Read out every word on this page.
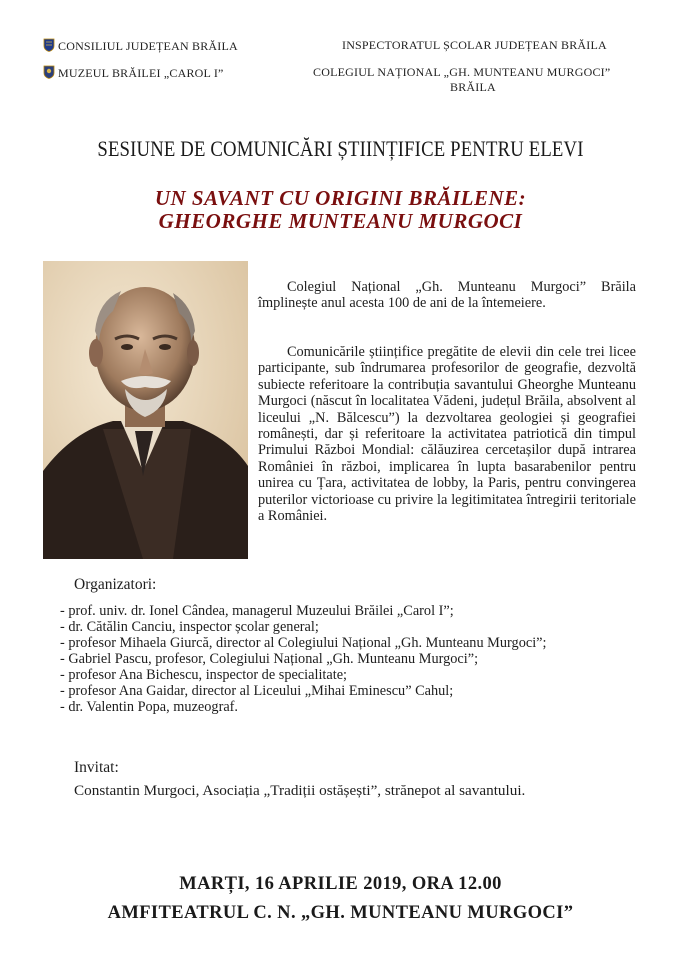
CONSILIUL JUDEȚEAN BRĂILA
MUZEUL BRĂILEI „CAROL I”
INSPECTORATUL ȘCOLAR JUDEȚEAN BRĂILA
COLEGIUL NAȚIONAL „GH. MUNTEANU MURGOCI”
BRĂILA
SESIUNE DE COMUNICĂRI ȘTIINȚIFICE PENTRU ELEVI
UN SAVANT CU ORIGINI BRĂILENE:
GHEORGHE MUNTEANU MURGOCI
Colegiul Național „Gh. Munteanu Murgoci” Brăila împlinește anul acesta 100 de ani de la întemeiere.
Comunicările științifice pregătite de elevii din cele trei licee participante, sub îndrumarea profesorilor de geografie, dezvoltă subiecte referitoare la contribuția savantului Gheorghe Munteanu Murgoci (născut în localitatea Vădeni, județul Brăila, absolvent al liceului „N. Bălcescu”) la dezvoltarea geologiei și geografiei românești, dar și referitoare la activitatea patriotică din timpul Primului Război Mondial: călăuzirea cercetașilor după intrarea României în război, implicarea în lupta basarabenilor pentru unirea cu Țara, activitatea de lobby, la Paris, pentru convingerea puterilor victorioase cu privire la legitimitatea întregirii teritoriale a României.
Organizatori:
- prof. univ. dr. Ionel Cândea, managerul Muzeului Brăilei „Carol I”;
- dr. Cătălin Canciu, inspector școlar general;
- profesor Mihaela Giurcă, director al Colegiului Național „Gh. Munteanu Murgoci”;
- Gabriel Pascu, profesor, Colegiului Național „Gh. Munteanu Murgoci”;
- profesor Ana Bichescu, inspector de specialitate;
- profesor Ana Gaidar, director al Liceului „Mihai Eminescu” Cahul;
- dr. Valentin Popa, muzeograf.
Invitat:
Constantin Murgoci, Asociația „Tradiții ostășești”, strănepot al savantului.
MARȚI, 16 APRILIE 2019, ORA 12.00
AMFITEATRUL C. N. „GH. MUNTEANU MURGOCI”
